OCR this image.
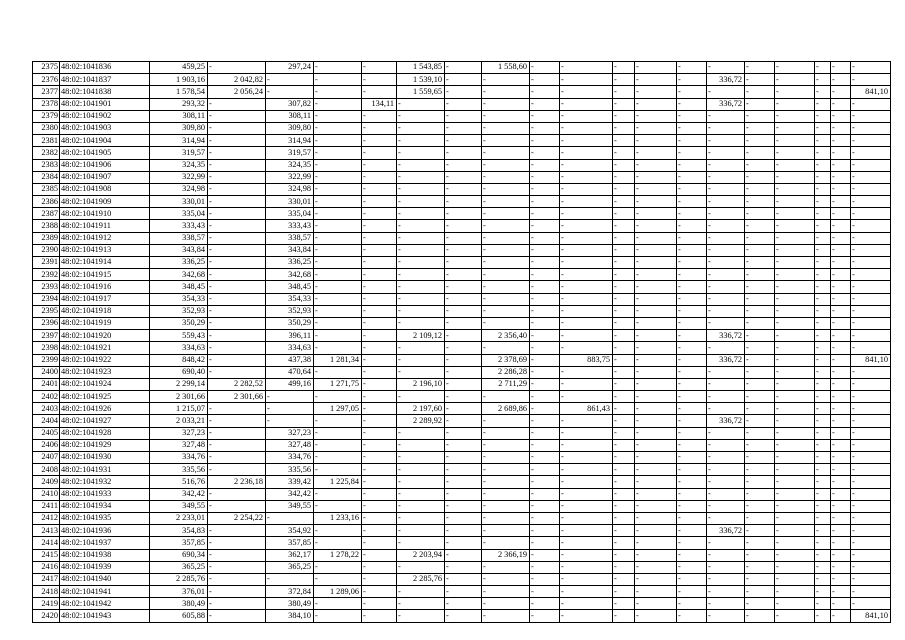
2375	48:02:1041836	459,25	-	297,24	-	-	1 543,85	-	1 558,60	-	-	-	-	-	-	-	-	-	-	-
2376	48:02:1041837	1 903,16	2 042,82	-	-	-	1 539,10	-	-	-	-	-	-	-	336,72	-	-	-	-	-
2377	48:02:1041838	1 578,54	2 056,24	-	-	-	1 559,65	-	-	-	-	-	-	-	-	-	-	-	-	841,10
2378	48:02:1041901	293,32	-	307,82	-	134,11	-	-	-	-	-	-	-	-	336,72	-	-	-	-	-
2379	48:02:1041902	308,11	-	308,11	-	-	-	-	-	-	-	-	-	-	-	-	-	-	-	-
2380	48:02:1041903	309,80	-	309,80	-	-	-	-	-	-	-	-	-	-	-	-	-	-	-	-
2381	48:02:1041904	314,94	-	314,94	-	-	-	-	-	-	-	-	-	-	-	-	-	-	-	-
2382	48:02:1041905	319,57	-	319,57	-	-	-	-	-	-	-	-	-	-	-	-	-	-	-	-
2383	48:02:1041906	324,35	-	324,35	-	-	-	-	-	-	-	-	-	-	-	-	-	-	-	-
2384	48:02:1041907	322,99	-	322,99	-	-	-	-	-	-	-	-	-	-	-	-	-	-	-	-
2385	48:02:1041908	324,98	-	324,98	-	-	-	-	-	-	-	-	-	-	-	-	-	-	-	-
2386	48:02:1041909	330,01	-	330,01	-	-	-	-	-	-	-	-	-	-	-	-	-	-	-	-
2387	48:02:1041910	335,04	-	335,04	-	-	-	-	-	-	-	-	-	-	-	-	-	-	-	-
2388	48:02:1041911	333,43	-	333,43	-	-	-	-	-	-	-	-	-	-	-	-	-	-	-	-
2389	48:02:1041912	338,57	-	338,57	-	-	-	-	-	-	-	-	-	-	-	-	-	-	-	-
2390	48:02:1041913	343,84	-	343,84	-	-	-	-	-	-	-	-	-	-	-	-	-	-	-	-
2391	48:02:1041914	336,25	-	336,25	-	-	-	-	-	-	-	-	-	-	-	-	-	-	-	-
2392	48:02:1041915	342,68	-	342,68	-	-	-	-	-	-	-	-	-	-	-	-	-	-	-	-
2393	48:02:1041916	348,45	-	348,45	-	-	-	-	-	-	-	-	-	-	-	-	-	-	-	-
2394	48:02:1041917	354,33	-	354,33	-	-	-	-	-	-	-	-	-	-	-	-	-	-	-	-
2395	48:02:1041918	352,93	-	352,93	-	-	-	-	-	-	-	-	-	-	-	-	-	-	-	-
2396	48:02:1041919	350,29	-	350,29	-	-	-	-	-	-	-	-	-	-	-	-	-	-	-	-
2397	48:02:1041920	559,43	-	396,11	-	-	2 109,12	-	2 356,40	-	-	-	-	-	336,72	-	-	-	-	-
2398	48:02:1041921	334,63	-	334,63	-	-	-	-	-	-	-	-	-	-	-	-	-	-	-	-
2399	48:02:1041922	848,42	-	437,38	1 281,34	-	-	-	2 378,69	-	883,75	-	-	-	336,72	-	-	-	-	841,10
2400	48:02:1041923	690,40	-	470,64	-	-	-	-	2 286,28	-	-	-	-	-	-	-	-	-	-	-
2401	48:02:1041924	2 299,14	2 282,52	499,16	1 271,75	-	2 196,10	-	2 711,29	-	-	-	-	-	-	-	-	-	-	-
2402	48:02:1041925	2 301,66	2 301,66	-	-	-	-	-	-	-	-	-	-	-	-	-	-	-	-	-
2403	48:02:1041926	1 215,07	-	-	1 297,05	-	2 197,60	-	2 689,86	-	861,43	-	-	-	-	-	-	-	-	-
2404	48:02:1041927	2 033,21	-	-	-	-	2 289,92	-	-	-	-	-	-	-	336,72	-	-	-	-	-
2405	48:02:1041928	327,23	-	327,23	-	-	-	-	-	-	-	-	-	-	-	-	-	-	-	-
2406	48:02:1041929	327,48	-	327,48	-	-	-	-	-	-	-	-	-	-	-	-	-	-	-	-
2407	48:02:1041930	334,76	-	334,76	-	-	-	-	-	-	-	-	-	-	-	-	-	-	-	-
2408	48:02:1041931	335,56	-	335,56	-	-	-	-	-	-	-	-	-	-	-	-	-	-	-	-
2409	48:02:1041932	516,76	2 236,18	339,42	1 225,84	-	-	-	-	-	-	-	-	-	-	-	-	-	-	-
2410	48:02:1041933	342,42	-	342,42	-	-	-	-	-	-	-	-	-	-	-	-	-	-	-	-
2411	48:02:1041934	349,55	-	349,55	-	-	-	-	-	-	-	-	-	-	-	-	-	-	-	-
2412	48:02:1041935	2 233,01	2 254,22	-	1 233,16	-	-	-	-	-	-	-	-	-	-	-	-	-	-	-
2413	48:02:1041936	354,83	-	354,92	-	-	-	-	-	-	-	-	-	-	336,72	-	-	-	-	-
2414	48:02:1041937	357,85	-	357,85	-	-	-	-	-	-	-	-	-	-	-	-	-	-	-	-
2415	48:02:1041938	690,34	-	362,17	1 278,22	-	2 203,94	-	2 366,19	-	-	-	-	-	-	-	-	-	-	-
2416	48:02:1041939	365,25	-	365,25	-	-	-	-	-	-	-	-	-	-	-	-	-	-	-	-
2417	48:02:1041940	2 285,76	-	-	-	-	2 285,76	-	-	-	-	-	-	-	-	-	-	-	-	-
2418	48:02:1041941	376,01	-	372,84	1 289,06	-	-	-	-	-	-	-	-	-	-	-	-	-	-	-
2419	48:02:1041942	380,49	-	380,49	-	-	-	-	-	-	-	-	-	-	-	-	-	-	-	-
2420	48:02:1041943	605,88	-	384,10	-	-	-	-	-	-	-	-	-	-	-	-	-	-	-	841,10
